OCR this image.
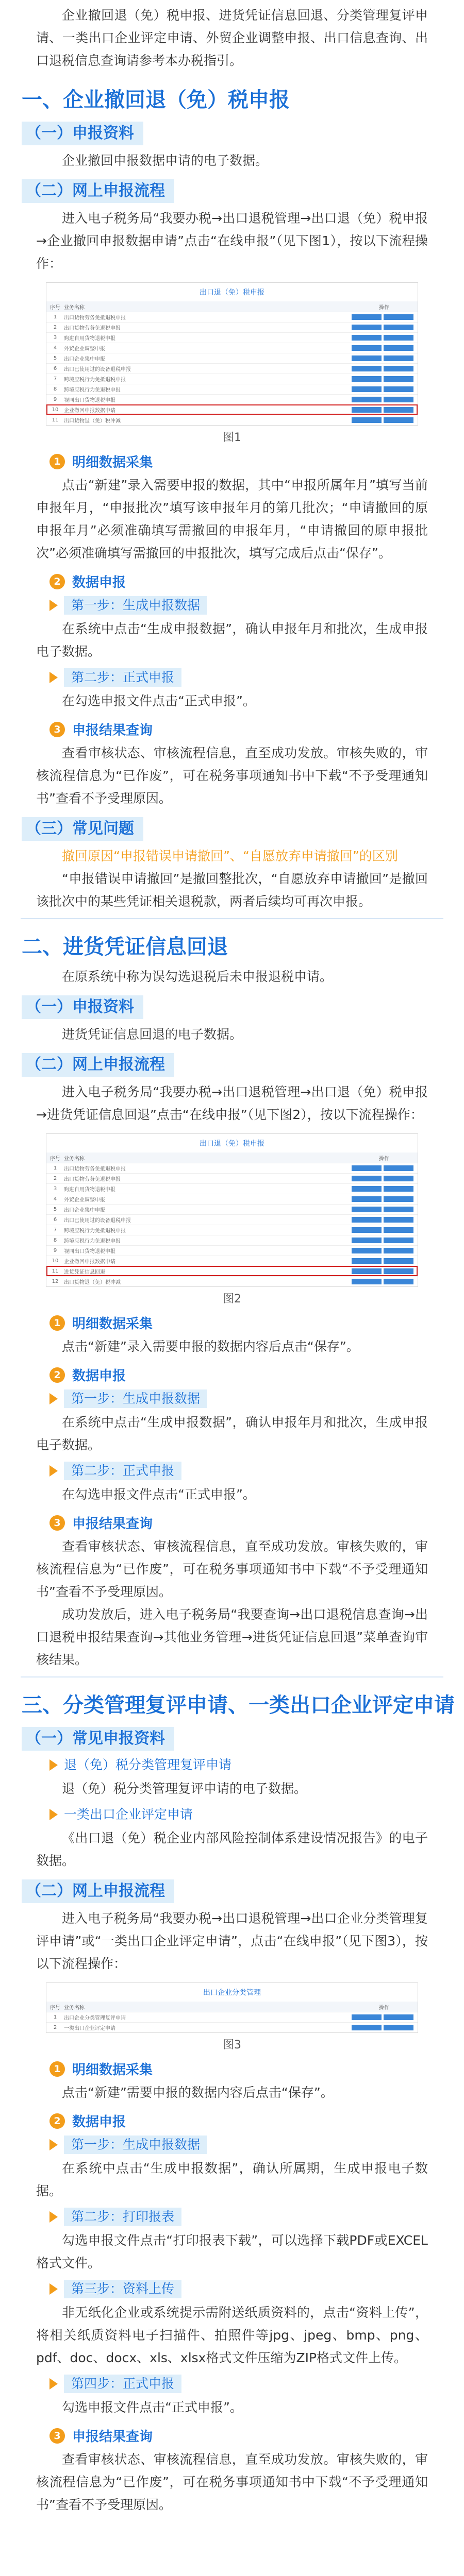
企业撤回退（免）税申报、进货凭证信息回退、分类管理复评申请、一类出口企业评定申请、外贸企业调整申报、出口信息查询、出口退税信息查询请参考本办税指引。
一、企业撤回退（免）税申报
（一）申报资料
企业撤回申报数据申请的电子数据。
（二）网上申报流程
进入电子税务局“我要办税→出口退税管理→出口退（免）税申报→企业撤回申报数据申请”点击“在线申报”（见下图1），按以下流程操作：
出口退（免）税申报
序号 业务名称	操作
1	出口货物劳务免抵退税申报
2	出口货物劳务免退税申报
3	购进自用货物退税申报
4	外贸企业调整申报
5	出口企业集中申报
6	出口已使用过的设备退税申报
7	跨境应税行为免抵退税申报
8	跨境应税行为免退税申报
9	视同出口货物退税申报
10	企业撤回申报数据申请
11	出口货物退（免）税冲减
图1
1 明细数据采集
点击“新建”录入需要申报的数据，其中“申报所属年月”填写当前申报年月，“申报批次”填写该申报年月的第几批次；“申请撤回的原申报年月”必须准确填写需撤回的申报年月，“申请撤回的原申报批次”必须准确填写需撤回的申报批次，填写完成后点击“保存”。
2 数据申报
第一步：生成申报数据
在系统中点击“生成申报数据”，确认申报年月和批次，生成申报电子数据。
第二步：正式申报
在勾选申报文件点击“正式申报”。
3 申报结果查询
查看审核状态、审核流程信息，直至成功发放。审核失败的，审核流程信息为“已作废”，可在税务事项通知书中下载“不予受理通知书”查看不予受理原因。
（三）常见问题
撤回原因“申报错误申请撤回”、“自愿放弃申请撤回”的区别
“申报错误申请撤回”是撤回整批次，“自愿放弃申请撤回”是撤回该批次中的某些凭证相关退税款，两者后续均可再次申报。
二、进货凭证信息回退
在原系统中称为误勾选退税后未申报退税申请。
（一）申报资料
进货凭证信息回退的电子数据。
（二）网上申报流程
进入电子税务局“我要办税→出口退税管理→出口退（免）税申报→进货凭证信息回退”点击“在线申报”（见下图2），按以下流程操作：
出口退（免）税申报
序号 业务名称	操作
1	出口货物劳务免抵退税申报
2	出口货物劳务免退税申报
3	购进自用货物退税申报
4	外贸企业调整申报
5	出口企业集中申报
6	出口已使用过的设备退税申报
7	跨境应税行为免抵退税申报
8	跨境应税行为免退税申报
9	视同出口货物退税申报
10	企业撤回申报数据申请
11	进货凭证信息回退
12	出口货物退（免）税冲减
图2
1 明细数据采集
点击“新建”录入需要申报的数据内容后点击“保存”。
2 数据申报
第一步：生成申报数据
在系统中点击“生成申报数据”，确认申报年月和批次，生成申报电子数据。
第二步：正式申报
在勾选申报文件点击“正式申报”。
3 申报结果查询
查看审核状态、审核流程信息，直至成功发放。审核失败的，审核流程信息为“已作废”，可在税务事项通知书中下载“不予受理通知书”查看不予受理原因。
成功发放后，进入电子税务局“我要查询→出口退税信息查询→出口退税申报结果查询→其他业务管理→进货凭证信息回退”菜单查询审核结果。
三、分类管理复评申请、一类出口企业评定申请
（一）常见申报资料
退（免）税分类管理复评申请
退（免）税分类管理复评申请的电子数据。
一类出口企业评定申请
《出口退（免）税企业内部风险控制体系建设情况报告》的电子数据。
（二）网上申报流程
进入电子税务局“我要办税→出口退税管理→出口企业分类管理复评申请”或“一类出口企业评定申请”，点击“在线申报”（见下图3），按以下流程操作：
出口企业分类管理
序号 业务名称	操作
1	出口企业分类管理复评申请
2	一类出口企业评定申请
图3
1 明细数据采集
点击“新建”需要申报的数据内容后点击“保存”。
2 数据申报
第一步：生成申报数据
在系统中点击“生成申报数据”，确认所属期，生成申报电子数据。
第二步：打印报表
勾选申报文件点击“打印报表下载”，可以选择下载PDF或EXCEL格式文件。
第三步：资料上传
非无纸化企业或系统提示需附送纸质资料的，点击“资料上传”，将相关纸质资料电子扫描件、拍照件等jpg、jpeg、bmp、png、pdf、doc、docx、xls、xlsx格式文件压缩为ZIP格式文件上传。
第四步：正式申报
勾选申报文件点击“正式申报”。
3 申报结果查询
查看审核状态、审核流程信息，直至成功发放。审核失败的，审核流程信息为“已作废”，可在税务事项通知书中下载“不予受理通知书”查看不予受理原因。
